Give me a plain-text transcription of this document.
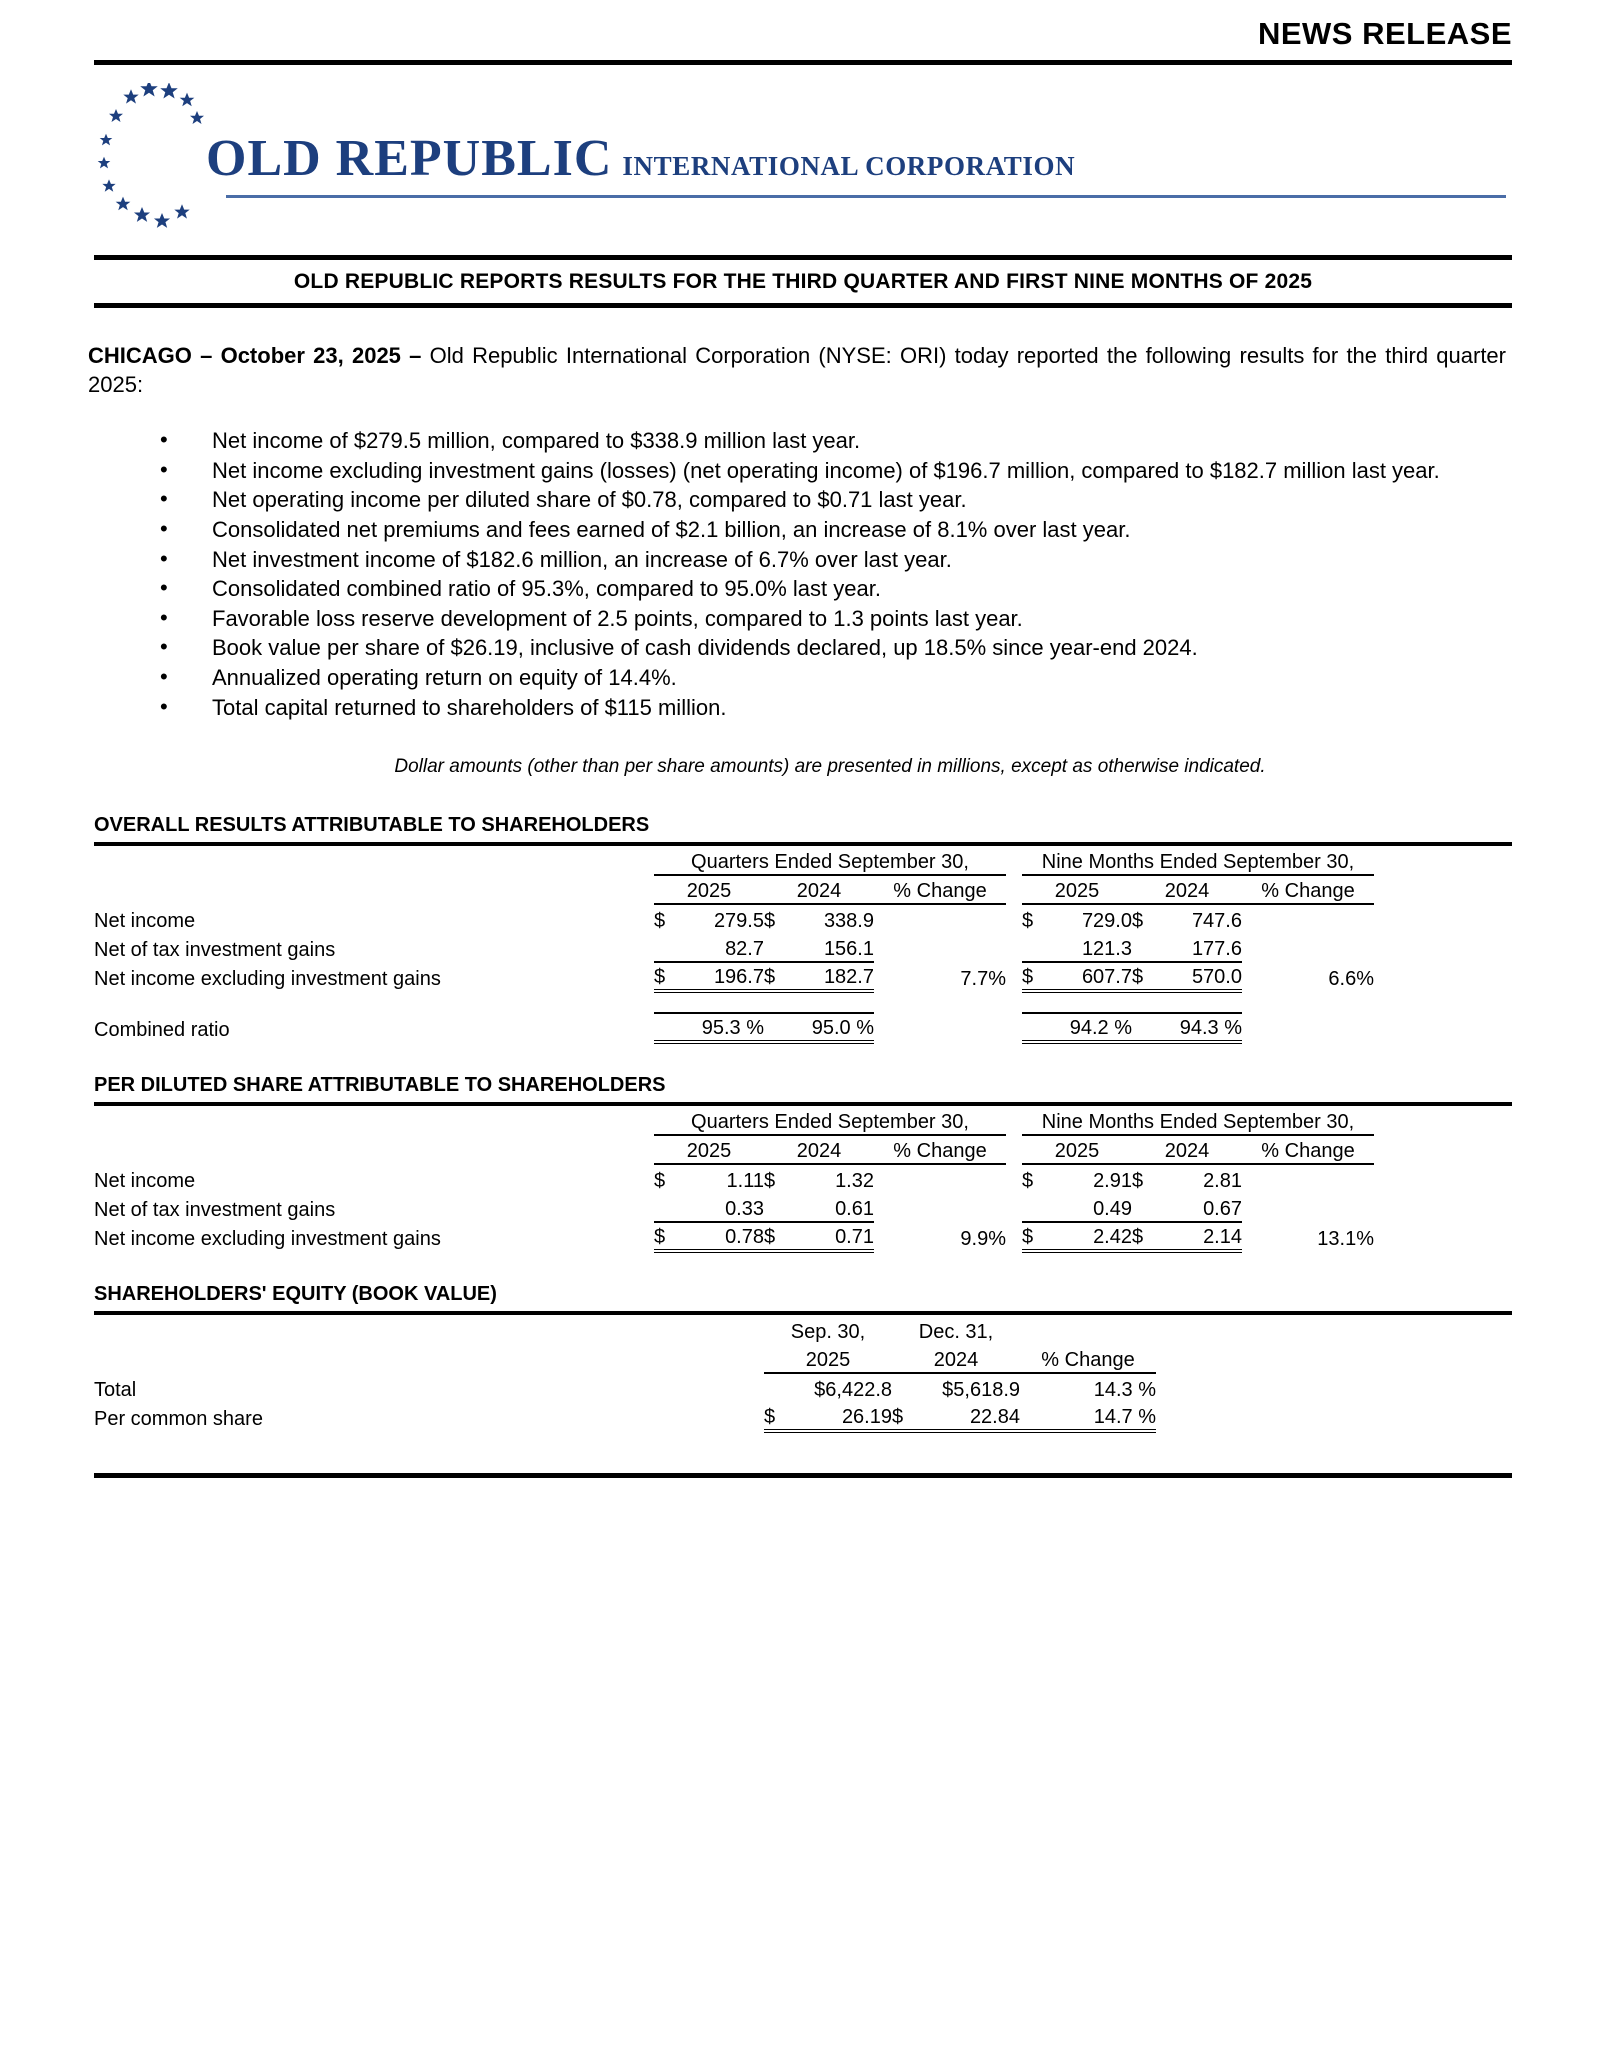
NEWS RELEASE
OLD REPUBLIC INTERNATIONAL CORPORATION
OLD REPUBLIC REPORTS RESULTS FOR THE THIRD QUARTER AND FIRST NINE MONTHS OF 2025
CHICAGO – October 23, 2025 – Old Republic International Corporation (NYSE: ORI) today reported the following results for the third quarter 2025:
• Net income of $279.5 million, compared to $338.9 million last year.
• Net income excluding investment gains (losses) (net operating income) of $196.7 million, compared to $182.7 million last year.
• Net operating income per diluted share of $0.78, compared to $0.71 last year.
• Consolidated net premiums and fees earned of $2.1 billion, an increase of 8.1% over last year.
• Net investment income of $182.6 million, an increase of 6.7% over last year.
• Consolidated combined ratio of 95.3%, compared to 95.0% last year.
• Favorable loss reserve development of 2.5 points, compared to 1.3 points last year.
• Book value per share of $26.19, inclusive of cash dividends declared, up 18.5% since year-end 2024.
• Annualized operating return on equity of 14.4%.
• Total capital returned to shareholders of $115 million.
Dollar amounts (other than per share amounts) are presented in millions, except as otherwise indicated.
OVERALL RESULTS ATTRIBUTABLE TO SHAREHOLDERS
	Quarters Ended September 30,						Nine Months Ended September 30,					
	2025		2024		% Change		2025		2024		% Change	
Net income	$	279.5	$	338.9			$	729.0	$	747.6		
Net of tax investment gains		82.7		156.1				121.3		177.6		
Net income excluding investment gains	$	196.7	$	182.7	7.7%		$	607.7	$	570.0	6.6%	

Combined ratio	95.3 %		95.0 %				94.2 %		94.3 %			
PER DILUTED SHARE ATTRIBUTABLE TO SHAREHOLDERS
	Quarters Ended September 30,						Nine Months Ended September 30,					
	2025		2024		% Change		2025		2024		% Change	
Net income	$	1.11	$	1.32			$	2.91	$	2.81		
Net of tax investment gains		0.33		0.61				0.49		0.67		
Net income excluding investment gains	$	0.78	$	0.71	9.9%		$	2.42	$	2.14	13.1%	
SHAREHOLDERS' EQUITY (BOOK VALUE)
	Sep. 30,		Dec. 31,			
	2025		2024		% Change	
Total	$6,422.8		$5,618.9		14.3 %	
Per common share	$	26.19	$	22.84	14.7 %	
